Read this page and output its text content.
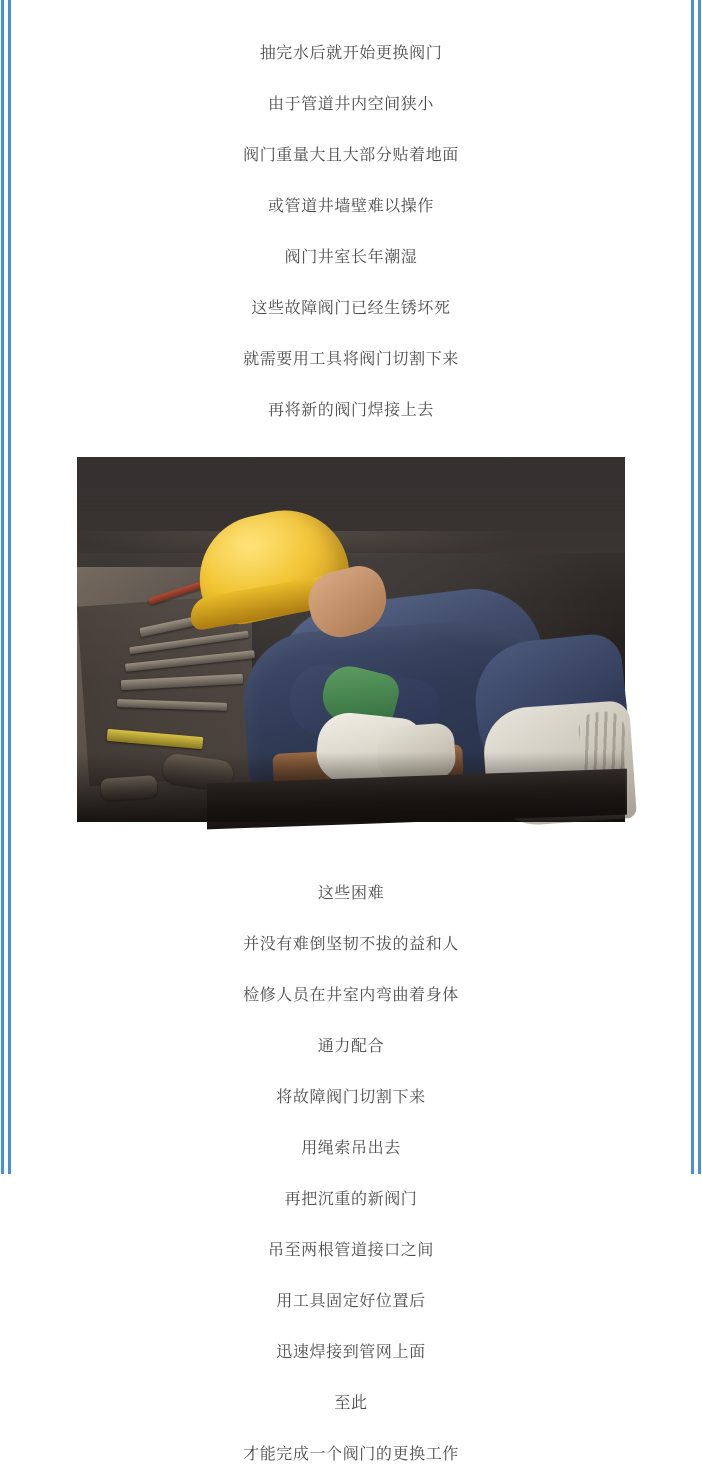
抽完水后就开始更换阀门

由于管道井内空间狭小

阀门重量大且大部分贴着地面

或管道井墙壁难以操作

阀门井室长年潮湿

这些故障阀门已经生锈坏死

就需要用工具将阀门切割下来

再将新的阀门焊接上去

这些困难

并没有难倒坚韧不拔的益和人

检修人员在井室内弯曲着身体

通力配合

将故障阀门切割下来

用绳索吊出去

再把沉重的新阀门

吊至两根管道接口之间

用工具固定好位置后

迅速焊接到管网上面

至此

才能完成一个阀门的更换工作
